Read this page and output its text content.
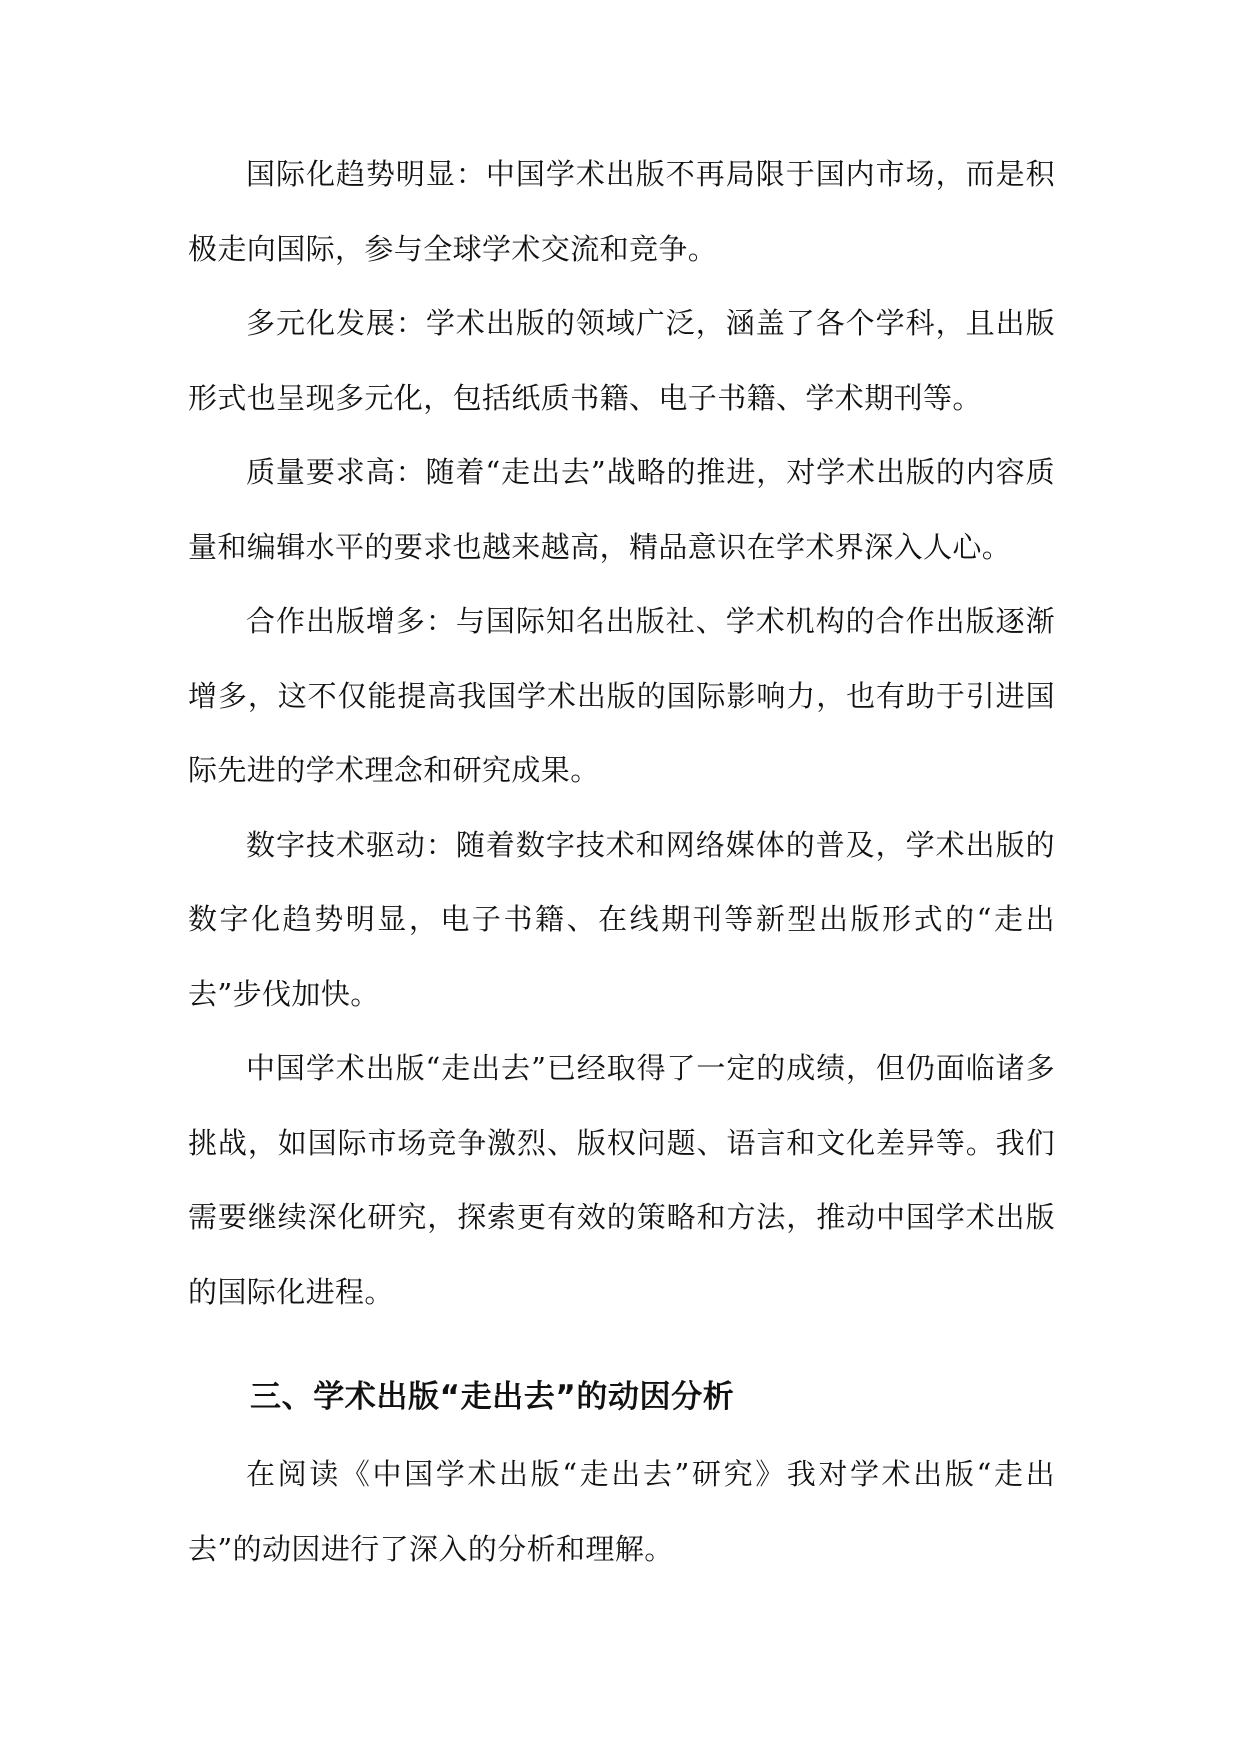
国际化趋势明显：中国学术出版不再局限于国内市场，而是积极走向国际，参与全球学术交流和竞争。

多元化发展：学术出版的领域广泛，涵盖了各个学科，且出版形式也呈现多元化，包括纸质书籍、电子书籍、学术期刊等。

质量要求高：随着“走出去”战略的推进，对学术出版的内容质量和编辑水平的要求也越来越高，精品意识在学术界深入人心。

合作出版增多：与国际知名出版社、学术机构的合作出版逐渐增多，这不仅能提高我国学术出版的国际影响力，也有助于引进国际先进的学术理念和研究成果。

数字技术驱动：随着数字技术和网络媒体的普及，学术出版的数字化趋势明显，电子书籍、在线期刊等新型出版形式的“走出去”步伐加快。

中国学术出版“走出去”已经取得了一定的成绩，但仍面临诸多挑战，如国际市场竞争激烈、版权问题、语言和文化差异等。我们需要继续深化研究，探索更有效的策略和方法，推动中国学术出版的国际化进程。

三、学术出版“走出去”的动因分析

在阅读《中国学术出版“走出去”研究》我对学术出版“走出去”的动因进行了深入的分析和理解。
